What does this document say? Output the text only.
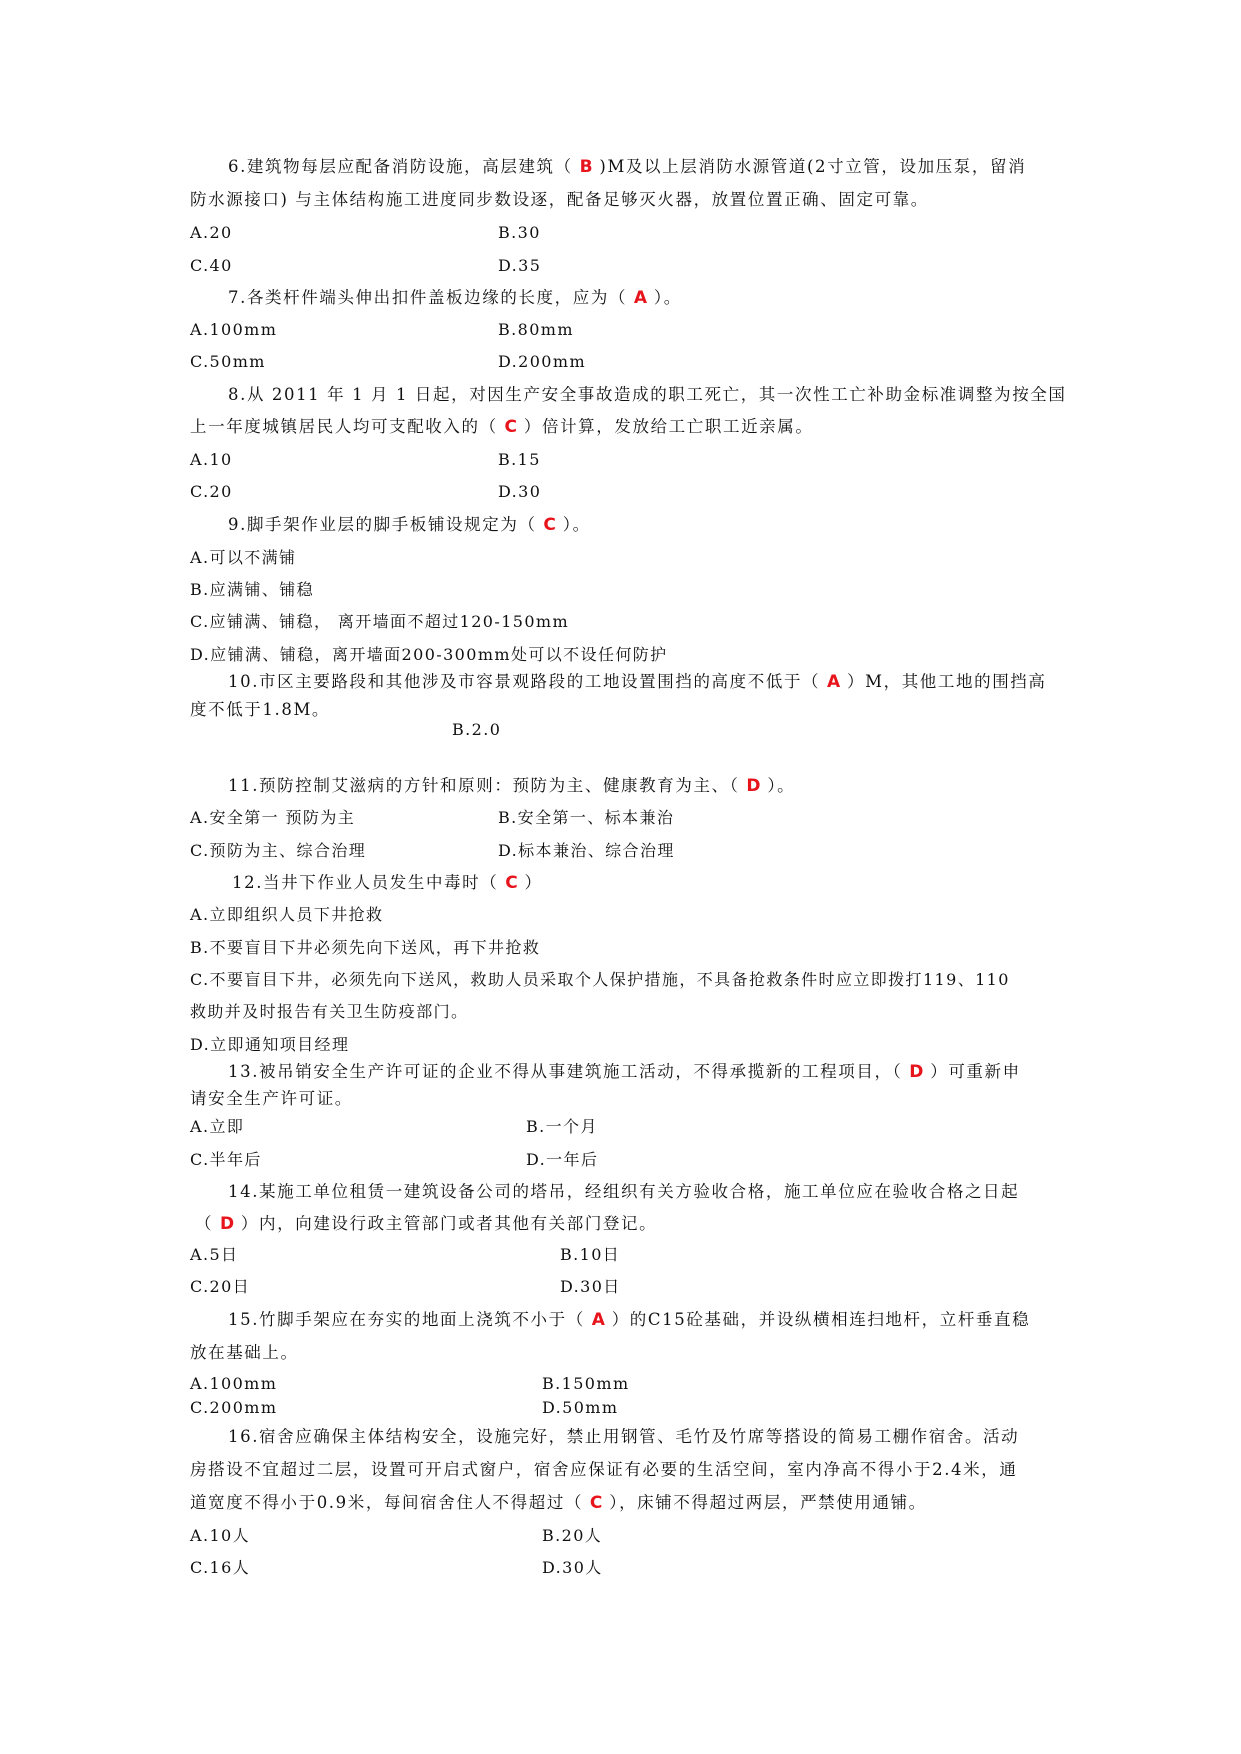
6.建筑物每层应配备消防设施，高层建筑（ B )M及以上层消防水源管道(2寸立管，设加压泵，留消
防水源接口) 与主体结构施工进度同步数设逐，配备足够灭火器，放置位置正确、固定可靠。
A.20	B.30
C.40	D.35
7.各类杆件端头伸出扣件盖板边缘的长度，应为（ A ）。
A.100mm	B.80mm
C.50mm	D.200mm
8.从 2011 年 1 月 1 日起，对因生产安全事故造成的职工死亡，其一次性工亡补助金标准调整为按全国
上一年度城镇居民人均可支配收入的（ C ）倍计算，发放给工亡职工近亲属。
A.10	B.15
C.20	D.30
9.脚手架作业层的脚手板铺设规定为（ C ）。
A.可以不满铺
B.应满铺、铺稳
C.应铺满、铺稳， 离开墙面不超过120-150mm
D.应铺满、铺稳，离开墙面200-300mm处可以不设任何防护
10.市区主要路段和其他涉及市容景观路段的工地设置围挡的高度不低于（ A ）M，其他工地的围挡高
度不低于1.8M。
B.2.0
11.预防控制艾滋病的方针和原则：预防为主、健康教育为主、（ D ）。
A.安全第一 预防为主	B.安全第一、标本兼治
C.预防为主、综合治理	D.标本兼治、综合治理
12.当井下作业人员发生中毒时（ C ）
A.立即组织人员下井抢救
B.不要盲目下井必须先向下送风，再下井抢救
C.不要盲目下井，必须先向下送风，救助人员采取个人保护措施，不具备抢救条件时应立即拨打119、110
救助并及时报告有关卫生防疫部门。
D.立即通知项目经理
13.被吊销安全生产许可证的企业不得从事建筑施工活动，不得承揽新的工程项目，（ D ）可重新申
请安全生产许可证。
A.立即	B.一个月
C.半年后	D.一年后
14.某施工单位租赁一建筑设备公司的塔吊，经组织有关方验收合格，施工单位应在验收合格之日起
（ D ）内，向建设行政主管部门或者其他有关部门登记。
A.5日	B.10日
C.20日	D.30日
15.竹脚手架应在夯实的地面上浇筑不小于（ A ）的C15砼基础，并设纵横相连扫地杆，立杆垂直稳
放在基础上。
A.100mm	B.150mm
C.200mm	D.50mm
16.宿舍应确保主体结构安全，设施完好，禁止用钢管、毛竹及竹席等搭设的简易工棚作宿舍。活动
房搭设不宜超过二层，设置可开启式窗户，宿舍应保证有必要的生活空间，室内净高不得小于2.4米，通
道宽度不得小于0.9米，每间宿舍住人不得超过（ C ），床铺不得超过两层，严禁使用通铺。
A.10人	B.20人
C.16人	D.30人
